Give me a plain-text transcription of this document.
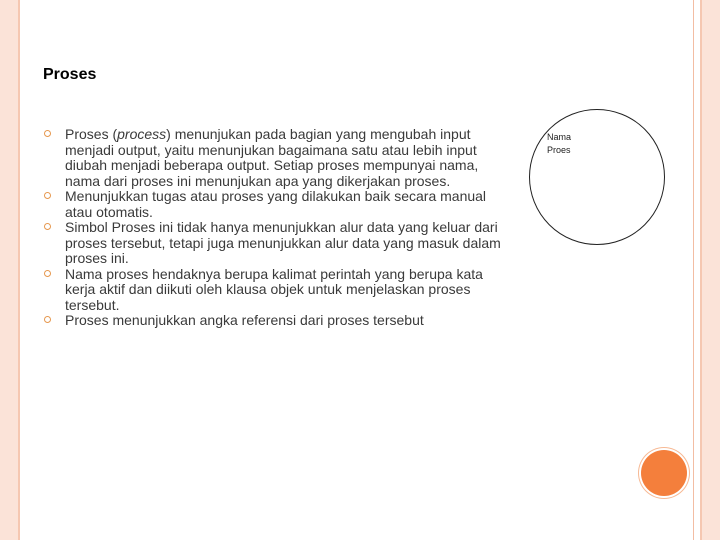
Proses
Proses (process) menunjukan pada bagian yang mengubah input menjadi output, yaitu menunjukan bagaimana satu atau lebih input diubah menjadi beberapa output. Setiap proses mempunyai nama, nama dari proses ini menunjukan apa yang dikerjakan proses.
Menunjukkan tugas atau proses yang dilakukan baik secara manual atau otomatis.
Simbol Proses ini tidak hanya menunjukkan alur data yang keluar dari proses tersebut, tetapi juga menunjukkan alur data yang masuk dalam proses ini.
Nama proses hendaknya berupa kalimat perintah yang berupa kata kerja aktif dan diikuti oleh klausa objek untuk menjelaskan proses tersebut.
Proses menunjukkan angka referensi dari proses tersebut
Nama
Proes
